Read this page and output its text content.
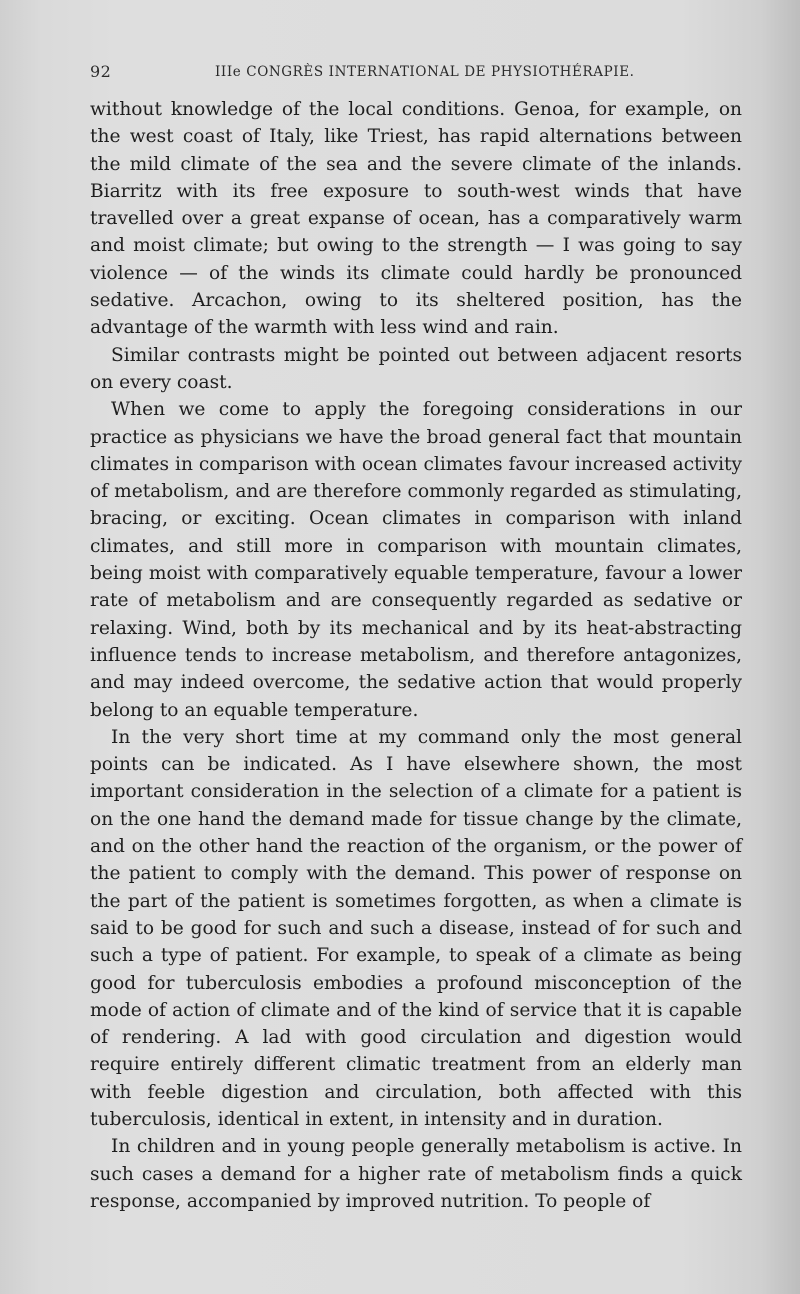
92	IIIe CONGRÈS INTERNATIONAL DE PHYSIOTHÉRAPIE.

without knowledge of the local conditions. Genoa, for example, on the west coast of Italy, like Triest, has rapid alternations between the mild climate of the sea and the severe climate of the inlands. Biarritz with its free exposure to south-west winds that have travelled over a great expanse of ocean, has a comparatively warm and moist climate; but owing to the strength — I was going to say violence — of the winds its climate could hardly be pronounced sedative. Arcachon, owing to its sheltered position, has the advantage of the warmth with less wind and rain.

Similar contrasts might be pointed out between adjacent resorts on every coast.

When we come to apply the foregoing considerations in our practice as physicians we have the broad general fact that mountain climates in comparison with ocean climates favour increased activity of metabolism, and are therefore commonly regarded as stimulating, bracing, or exciting. Ocean climates in comparison with inland climates, and still more in comparison with mountain climates, being moist with comparatively equable temperature, favour a lower rate of metabolism and are consequently regarded as sedative or relaxing. Wind, both by its mechanical and by its heat-abstracting influence tends to increase metabolism, and therefore antagonizes, and may indeed overcome, the sedative action that would properly belong to an equable temperature.

In the very short time at my command only the most general points can be indicated. As I have elsewhere shown, the most important consideration in the selection of a climate for a patient is on the one hand the demand made for tissue change by the climate, and on the other hand the reaction of the organism, or the power of the patient to comply with the demand. This power of response on the part of the patient is sometimes forgotten, as when a climate is said to be good for such and such a disease, instead of for such and such a type of patient. For example, to speak of a climate as being good for tuberculosis embodies a profound misconception of the mode of action of climate and of the kind of service that it is capable of rendering. A lad with good circulation and digestion would require entirely different climatic treatment from an elderly man with feeble digestion and circulation, both affected with this tuberculosis, identical in extent, in intensity and in duration.

In children and in young people generally metabolism is active. In such cases a demand for a higher rate of metabolism finds a quick response, accompanied by improved nutrition. To people of
